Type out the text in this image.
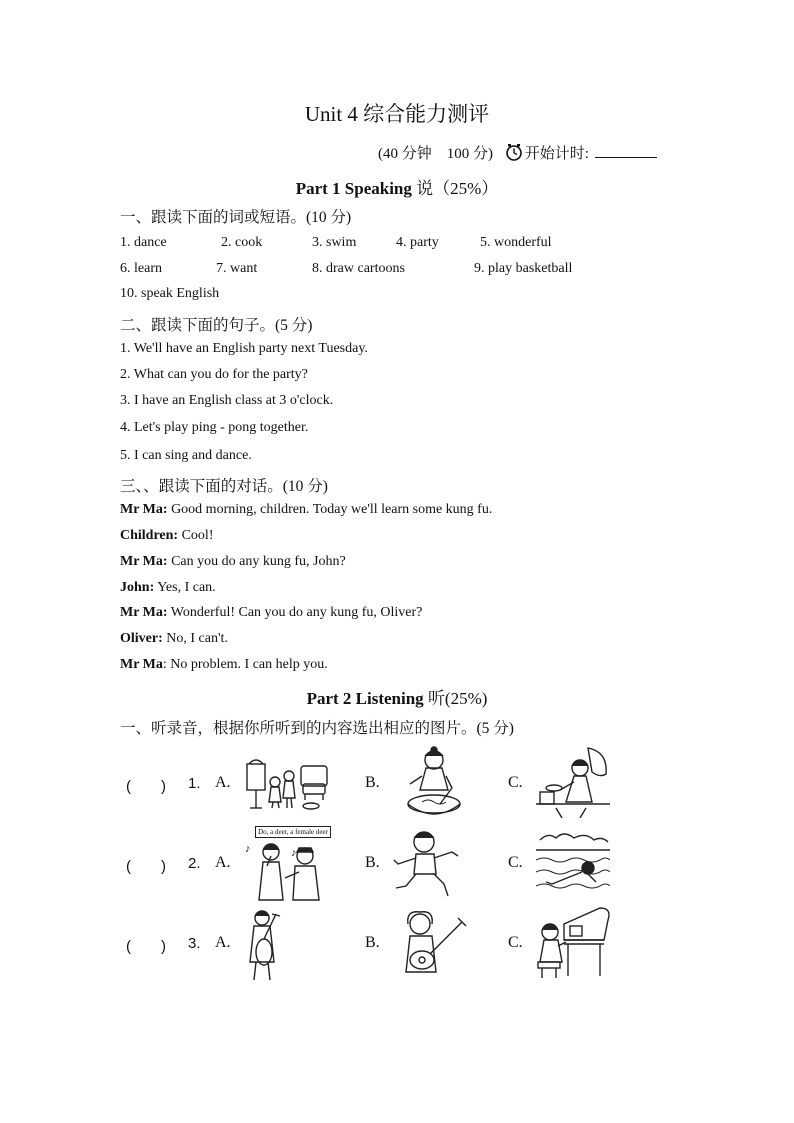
Unit 4 综合能力测评
(40 分钟　100 分) 开始计时:
Part 1 Speaking 说（25%）
一、跟读下面的词或短语。(10 分)
1. dance	2. cook	3. swim	4. party	5. wonderful
6. learn	7. want	8. draw cartoons	9. play basketball
10. speak English
二、跟读下面的句子。(5 分)
1. We'll have an English party next Tuesday.
2. What can you do for the party?
3. I have an English class at 3 o'clock.
4. Let's play ping - pong together.
5. I can sing and dance.
三、、跟读下面的对话。(10 分)
Mr Ma: Good morning, children. Today we'll learn some kung fu.
Children: Cool!
Mr Ma: Can you do any kung fu, John?
John: Yes, I can.
Mr Ma: Wonderful! Can you do any kung fu, Oliver?
Oliver: No, I can't.
Mr Ma: No problem. I can help you.
Part 2 Listening 听(25%)
一、听录音，根据你所听到的内容选出相应的图片。(5 分)
(　　) 1. A.	B.	C.
(　　) 2. A.	B.	C.
Do, a deer, a female deer
♪	♪
(　　) 3. A.	B.	C.
